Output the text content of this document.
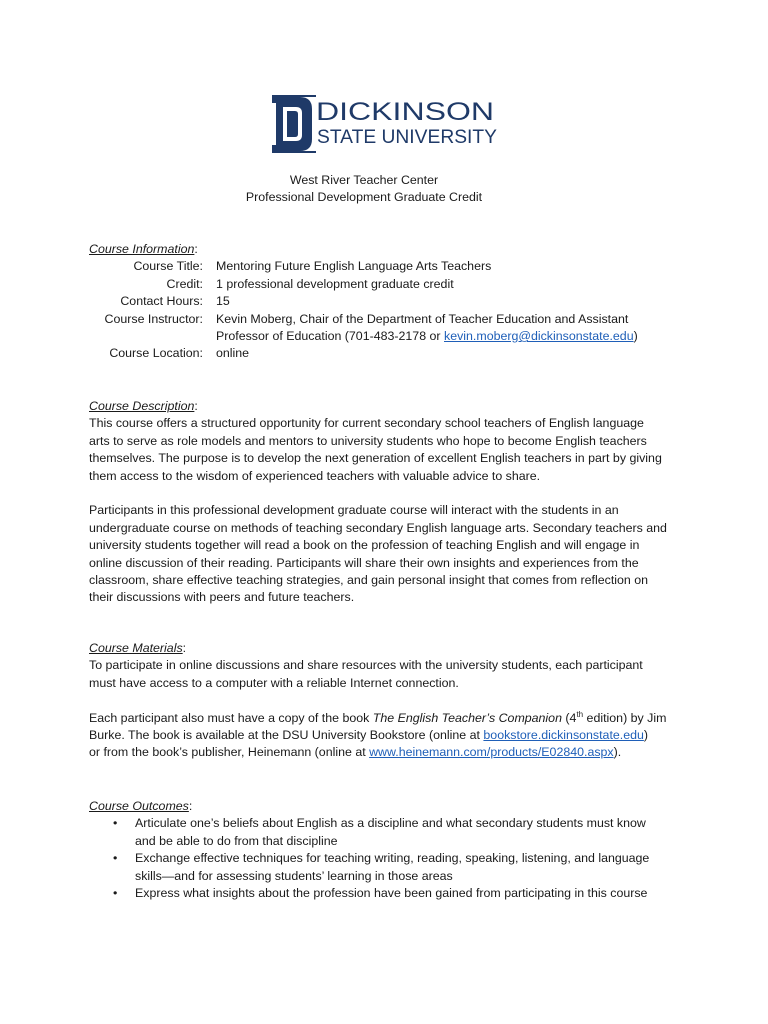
DICKINSON
STATE UNIVERSITY
West River Teacher Center
Professional Development Graduate Credit
Course Information:
Course Title:	Mentoring Future English Language Arts Teachers
Credit:	1 professional development graduate credit
Contact Hours:	15
Course Instructor:	Kevin Moberg, Chair of the Department of Teacher Education and Assistant
Professor of Education (701-483-2178 or kevin.moberg@dickinsonstate.edu)
Course Location:	online
Course Description:
This course offers a structured opportunity for current secondary school teachers of English language
arts to serve as role models and mentors to university students who hope to become English teachers
themselves. The purpose is to develop the next generation of excellent English teachers in part by giving
them access to the wisdom of experienced teachers with valuable advice to share.
Participants in this professional development graduate course will interact with the students in an
undergraduate course on methods of teaching secondary English language arts. Secondary teachers and
university students together will read a book on the profession of teaching English and will engage in
online discussion of their reading. Participants will share their own insights and experiences from the
classroom, share effective teaching strategies, and gain personal insight that comes from reflection on
their discussions with peers and future teachers.
Course Materials:
To participate in online discussions and share resources with the university students, each participant
must have access to a computer with a reliable Internet connection.
Each participant also must have a copy of the book The English Teacher’s Companion (4th edition) by Jim
Burke. The book is available at the DSU University Bookstore (online at bookstore.dickinsonstate.edu)
or from the book’s publisher, Heinemann (online at www.heinemann.com/products/E02840.aspx).
Course Outcomes:
• Articulate one’s beliefs about English as a discipline and what secondary students must know
and be able to do from that discipline
• Exchange effective techniques for teaching writing, reading, speaking, listening, and language
skills—and for assessing students’ learning in those areas
• Express what insights about the profession have been gained from participating in this course
